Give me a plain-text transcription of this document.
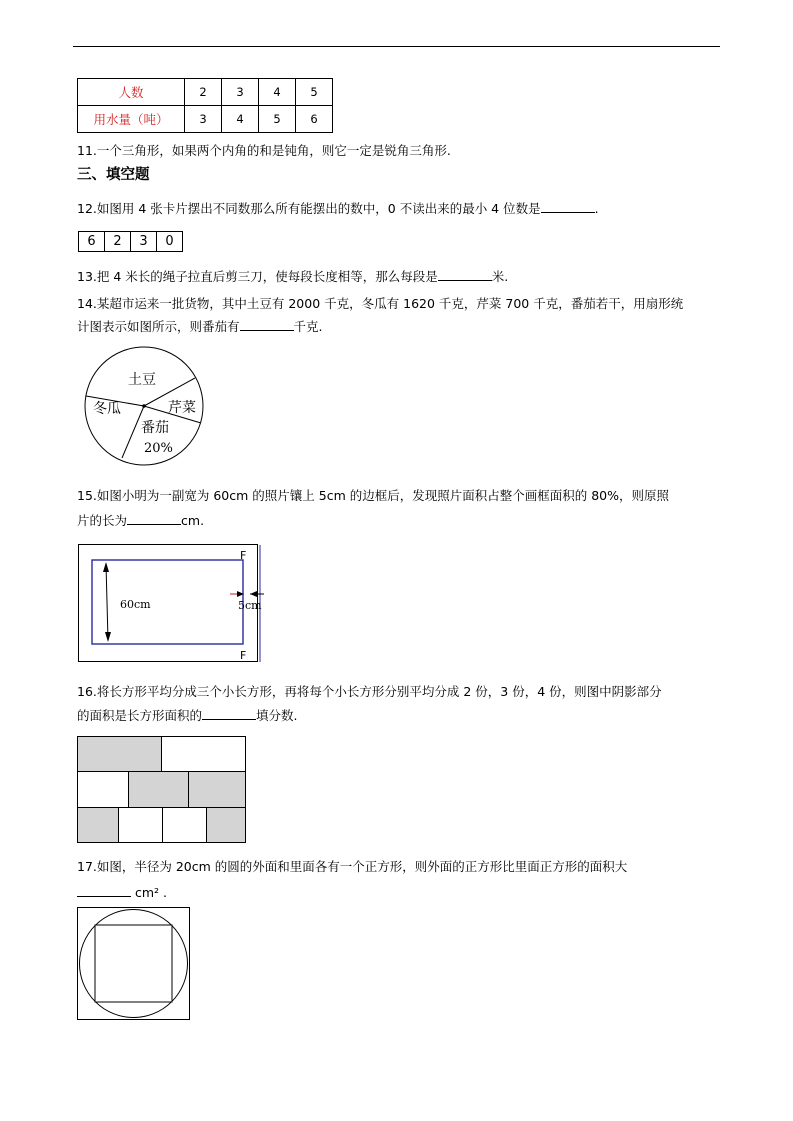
人数	2	3	4	5
用水量（吨）	3	4	5	6
11.一个三角形，如果两个内角的和是钝角，则它一定是锐角三角形.
三、填空题
12.如图用 4 张卡片摆出不同数那么所有能摆出的数中，0 不读出来的最小 4 位数是	.
6	2	3	0
13.把 4 米长的绳子拉直后剪三刀，使每段长度相等，那么每段是	米.
14.某超市运来一批货物，其中土豆有 2000 千克，冬瓜有 1620 千克，芹菜 700 千克，番茄若干，用扇形统
计图表示如图所示，则番茄有	千克.
土豆
冬瓜	芹菜
番茄
20%
15.如图小明为一副宽为 60cm 的照片镶上 5cm 的边框后，发现照片面积占整个画框面积的 80%，则原照
片的长为	cm.
60cm	5cm
F
F
16.将长方形平均分成三个小长方形，再将每个小长方形分别平均分成 2 份，3 份，4 份，则图中阴影部分
的面积是长方形面积的	填分数.
17.如图，半径为 20cm 的圆的外面和里面各有一个正方形，则外面的正方形比里面正方形的面积大
cm² .
